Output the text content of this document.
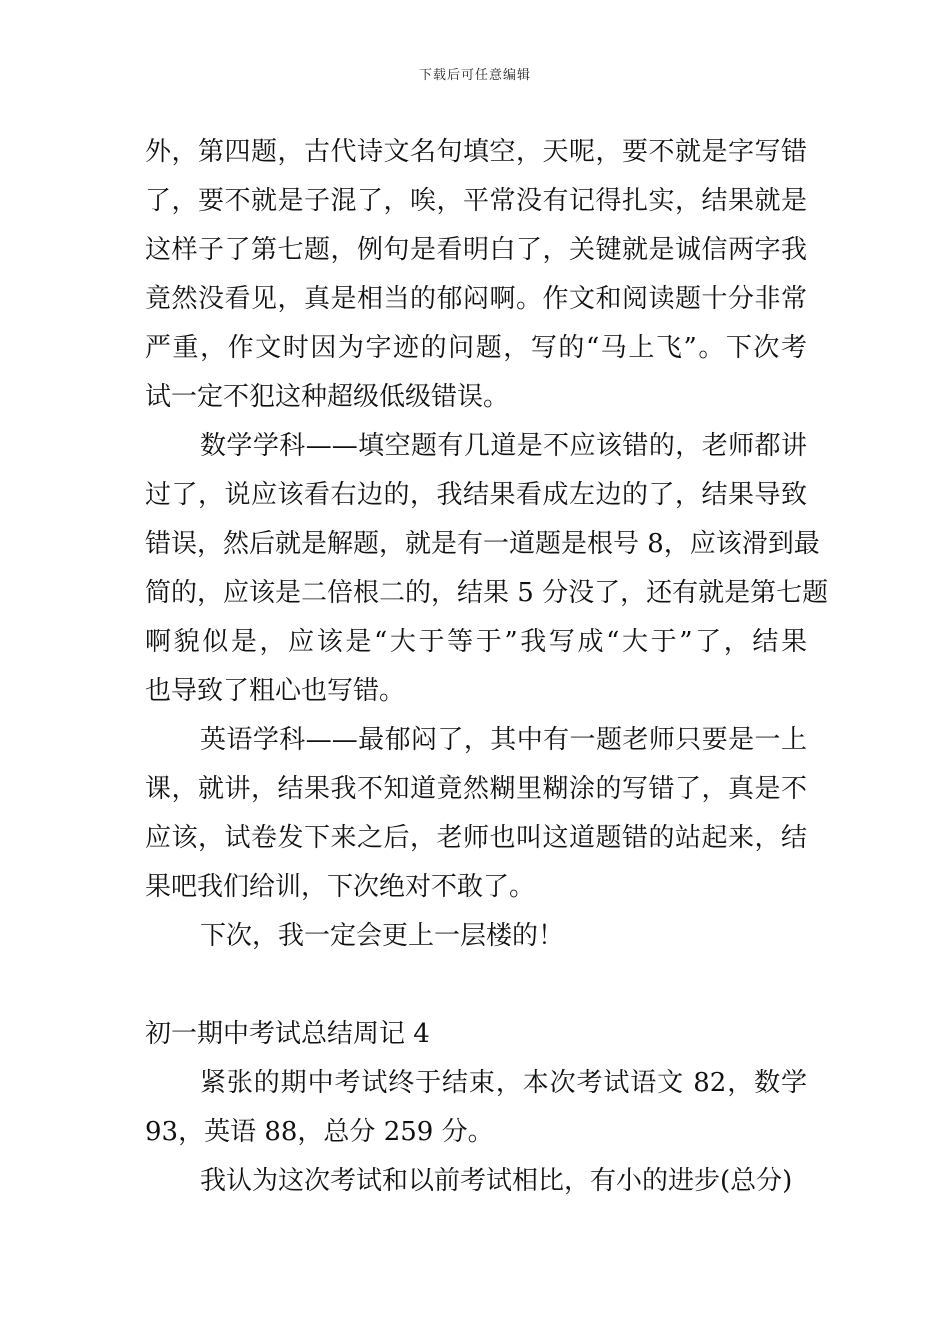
下载后可任意编辑
外，第四题，古代诗文名句填空，天呢，要不就是字写错
了，要不就是子混了，唉，平常没有记得扎实，结果就是
这样子了第七题，例句是看明白了，关键就是诚信两字我
竟然没看见，真是相当的郁闷啊。作文和阅读题十分非常
严重，作文时因为字迹的问题，写的“马上飞”。下次考
试一定不犯这种超级低级错误。
数学学科——填空题有几道是不应该错的，老师都讲
过了，说应该看右边的，我结果看成左边的了，结果导致
错误，然后就是解题，就是有一道题是根号 8，应该滑到最
简的，应该是二倍根二的，结果 5 分没了，还有就是第七题
啊貌似是，应该是“大于等于”我写成“大于”了，结果
也导致了粗心也写错。
英语学科——最郁闷了，其中有一题老师只要是一上
课，就讲，结果我不知道竟然糊里糊涂的写错了，真是不
应该，试卷发下来之后，老师也叫这道题错的站起来，结
果吧我们给训，下次绝对不敢了。
下次，我一定会更上一层楼的！
初一期中考试总结周记 4
紧张的期中考试终于结束，本次考试语文 82，数学
93，英语 88，总分 259 分。
我认为这次考试和以前考试相比，有小的进步(总分)
